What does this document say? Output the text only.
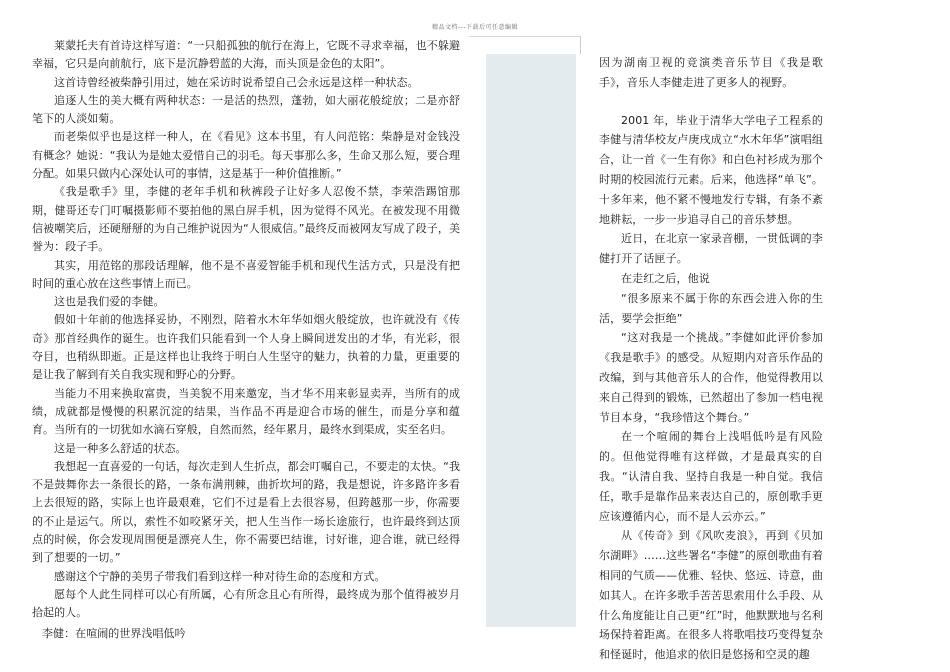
精品文档---下载后可任意编辑

莱蒙托夫有首诗这样写道：“一只船孤独的航行在海上，它既不寻求幸福，也不躲避幸福，它只是向前航行，底下是沉静碧蓝的大海，而头顶是金色的太阳”。

这首诗曾经被柴静引用过，她在采访时说希望自己会永远是这样一种状态。

追逐人生的美大概有两种状态：一是活的热烈，蓬勃，如大丽花般绽放；二是亦舒笔下的人淡如菊。

而老柴似乎也是这样一种人，在《看见》这本书里，有人问范铭：柴静是对金钱没有概念？她说：“我认为是她太爱惜自己的羽毛。每天事那么多，生命又那么短，要合理分配。如果只做内心深处认可的事情，这是基于一种价值推断。”

《我是歌手》里，李健的老年手机和秋裤段子让好多人忍俊不禁，李荣浩踢馆那期，健哥还专门叮嘱摄影师不要拍他的黑白屏手机，因为觉得不风光。在被发现不用微信被嘲笑后，还硬掰掰的为自己维护说因为“人很威信。”最终反而被网友写成了段子，美誉为：段子手。

其实，用范铭的那段话理解，他不是不喜爱智能手机和现代生活方式，只是没有把时间的重心放在这些事情上而已。

这也是我们爱的李健。

假如十年前的他选择妥协，不刚烈，陪着水木年华如烟火般绽放，也许就没有《传奇》那首经典作的诞生。也许我们只能看到一个人身上瞬间迸发出的才华，有光彩，很夺目，也稍纵即逝。正是这样也让我终于明白人生坚守的魅力，执着的力量，更重要的是让我了解到有关自我实现和野心的分野。

当能力不用来换取富贵，当美貌不用来邀宠，当才华不用来彰显卖弄，当所有的成绩，成就都是慢慢的积累沉淀的结果，当作品不再是迎合市场的催生，而是分享和蕴育。当所有的一切犹如水滴石穿般，自然而然，经年累月，最终水到渠成，实至名归。

这是一种多么舒适的状态。

我想起一直喜爱的一句话，每次走到人生折点，都会叮嘱自己，不要走的太快。“我不是鼓舞你去一条很长的路，一条布满荆棘，曲折坎坷的路，我是想说，许多路许多看上去很短的路，实际上也许最艰难，它们不过是看上去很容易，但跨越那一步，你需要的不止是运气。所以，索性不如咬紧牙关，把人生当作一场长途旅行，也许最终到达顶点的时候，你会发现周围便是漂亮人生，你不需要巴结谁，讨好谁，迎合谁，就已经得到了想要的一切。”

感谢这个宁静的美男子带我们看到这样一种对待生命的态度和方式。

愿每个人此生同样可以心有所属，心有所念且心有所得，最终成为那个值得被岁月拾起的人。

李健：在喧闹的世界浅唱低吟

因为湖南卫视的竞演类音乐节目《我是歌手》，音乐人李健走进了更多人的视野。

2001 年，毕业于清华大学电子工程系的李健与清华校友卢庚戌成立“水木年华”演唱组合，让一首《一生有你》和白色衬衫成为那个时期的校园流行元素。后来，他选择“单飞”。十多年来，他不紧不慢地发行专辑，有条不紊地耕耘，一步一步追寻自己的音乐梦想。

近日，在北京一家录音棚，一贯低调的李健打开了话匣子。

在走红之后，他说

“很多原来不属于你的东西会进入你的生活，要学会拒绝”

“这对我是一个挑战。”李健如此评价参加《我是歌手》的感受。从短期内对音乐作品的改编，到与其他音乐人的合作，他觉得教用以来自己得到的锻炼，已然超出了参加一档电视节目本身，“我珍惜这个舞台。”

在一个喧闹的舞台上浅唱低吟是有风险的。但他觉得唯有这样做，才是最真实的自我。“认清自我、坚持自我是一种自觉。我信任，歌手是靠作品来表达自己的，原创歌手更应该遵循内心，而不是人云亦云。”

从《传奇》到《风吹麦浪》，再到《贝加尔湖畔》……这些署名“李健”的原创歌曲有着相同的气质——优雅、轻快、悠远、诗意，曲如其人。在许多歌手苦苦思索用什么手段、从什么角度能让自己更“红”时，他默默地与名利场保持着距离。在很多人将歌唱技巧变得复杂和怪诞时，他追求的依旧是悠扬和空灵的趣
